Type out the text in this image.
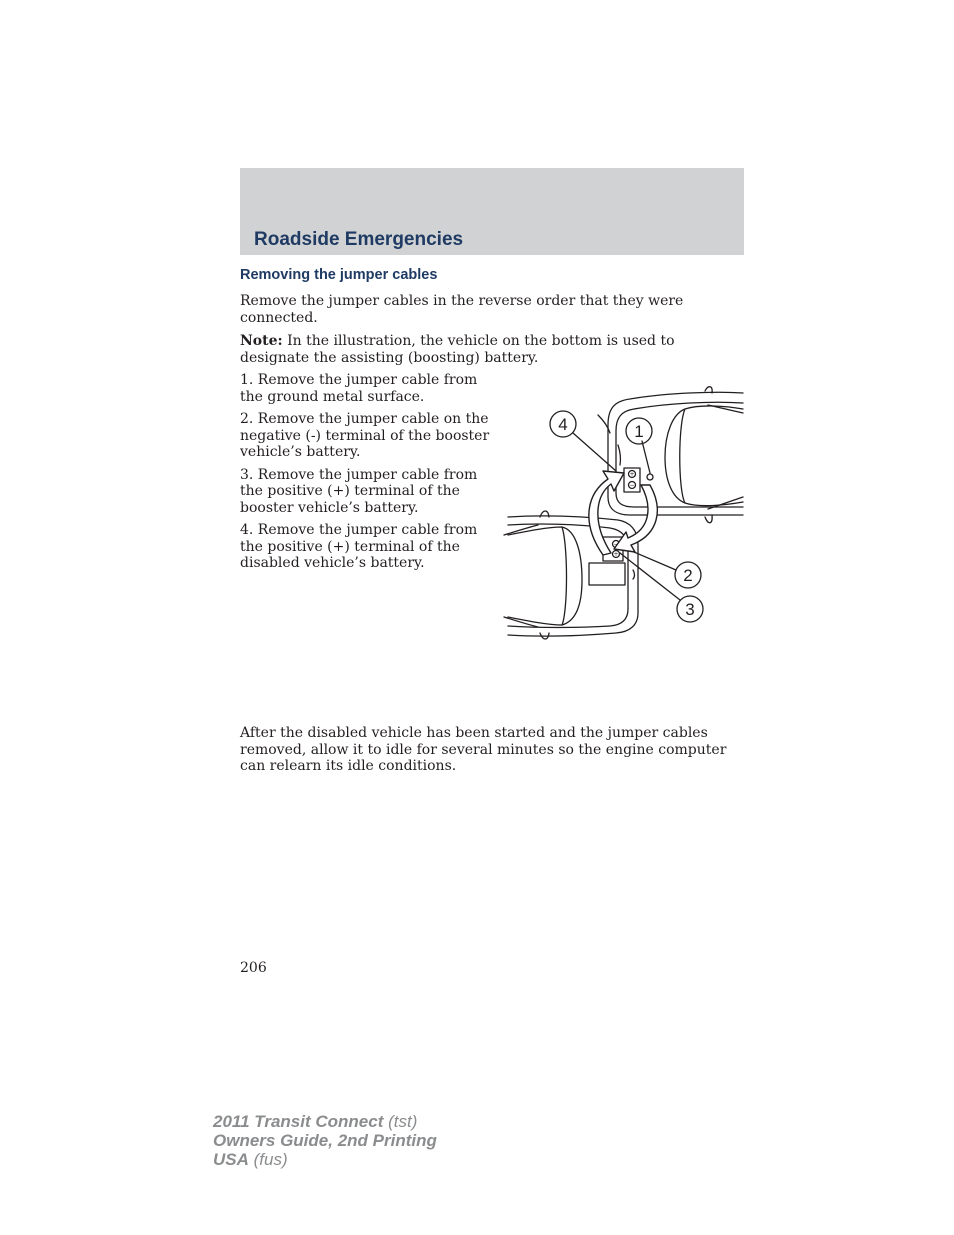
Roadside Emergencies
Removing the jumper cables

Remove the jumper cables in the reverse order that they were connected.

Note: In the illustration, the vehicle on the bottom is used to designate the assisting (boosting) battery.

1. Remove the jumper cable from the ground metal surface.
2. Remove the jumper cable on the negative (-) terminal of the booster vehicle’s battery.
3. Remove the jumper cable from the positive (+) terminal of the booster vehicle’s battery.
4. Remove the jumper cable from the positive (+) terminal of the disabled vehicle’s battery.
4	1
2
3
+
−
−
+

After the disabled vehicle has been started and the jumper cables removed, allow it to idle for several minutes so the engine computer can relearn its idle conditions.

206
2011 Transit Connect (tst)
Owners Guide, 2nd Printing
USA (fus)
